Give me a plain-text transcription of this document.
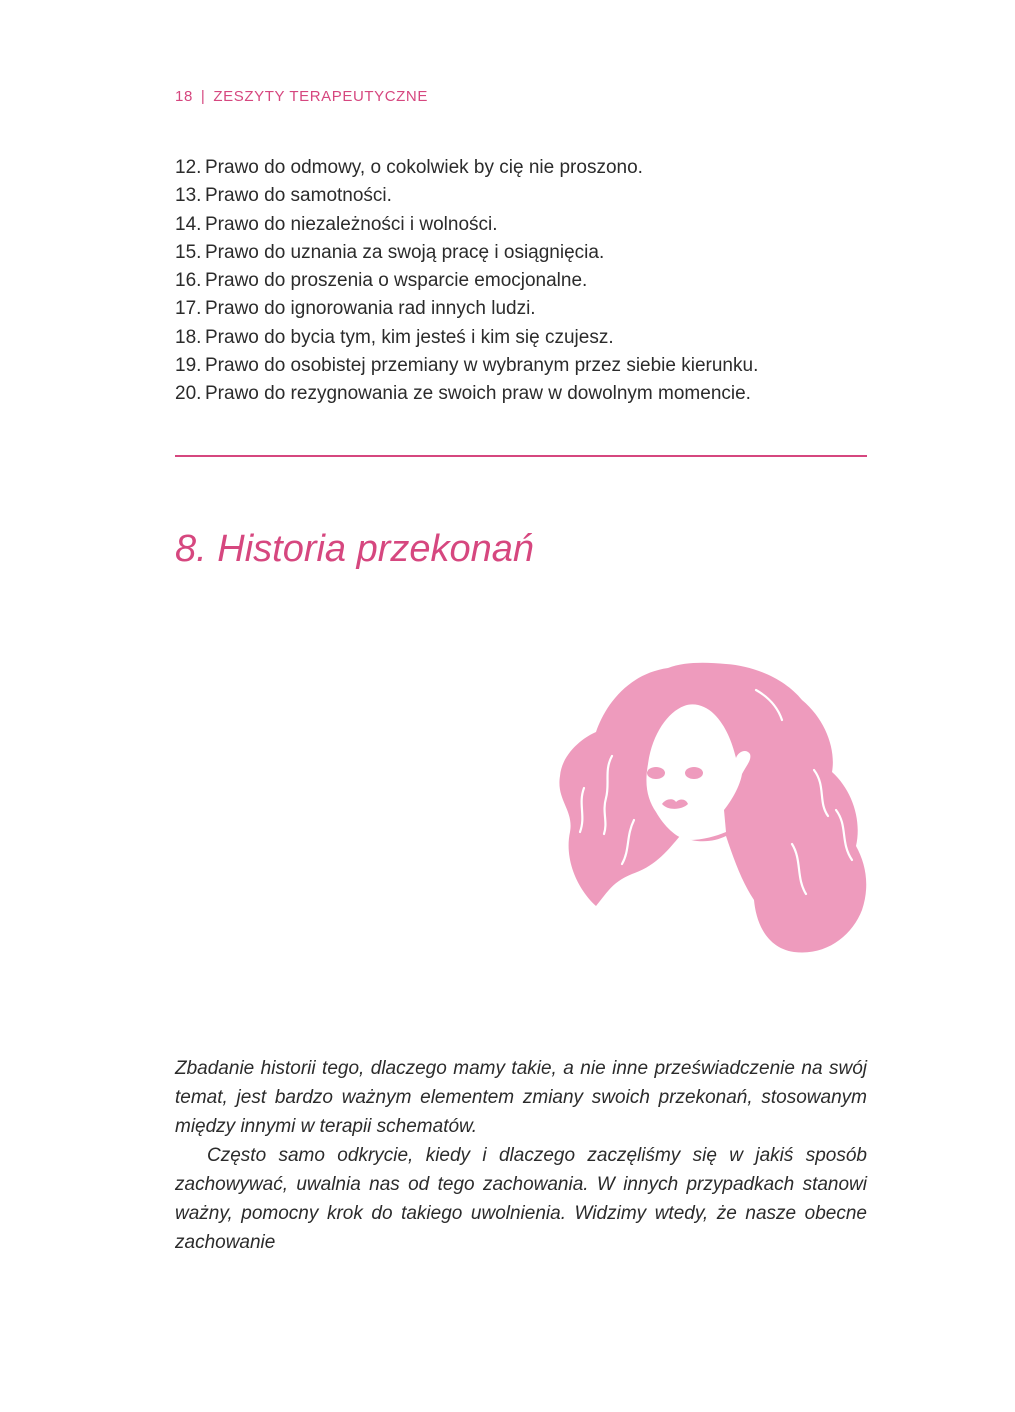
18 | ZESZYTY TERAPEUTYCZNE
12. Prawo do odmowy, o cokolwiek by cię nie proszono.
13. Prawo do samotności.
14. Prawo do niezależności i wolności.
15. Prawo do uznania za swoją pracę i osiągnięcia.
16. Prawo do proszenia o wsparcie emocjonalne.
17. Prawo do ignorowania rad innych ludzi.
18. Prawo do bycia tym, kim jesteś i kim się czujesz.
19. Prawo do osobistej przemiany w wybranym przez siebie kierunku.
20. Prawo do rezygnowania ze swoich praw w dowolnym momencie.
8. Historia przekonań

Zbadanie historii tego, dlaczego mamy takie, a nie inne przeświadczenie na swój temat, jest bardzo ważnym elementem zmiany swoich przekonań, stosowanym między innymi w terapii schematów.

Często samo odkrycie, kiedy i dlaczego zaczęliśmy się w jakiś sposób zachowywać, uwalnia nas od tego zachowania. W innych przypadkach stanowi ważny, pomocny krok do takiego uwolnienia. Widzimy wtedy, że nasze obecne zachowanie
